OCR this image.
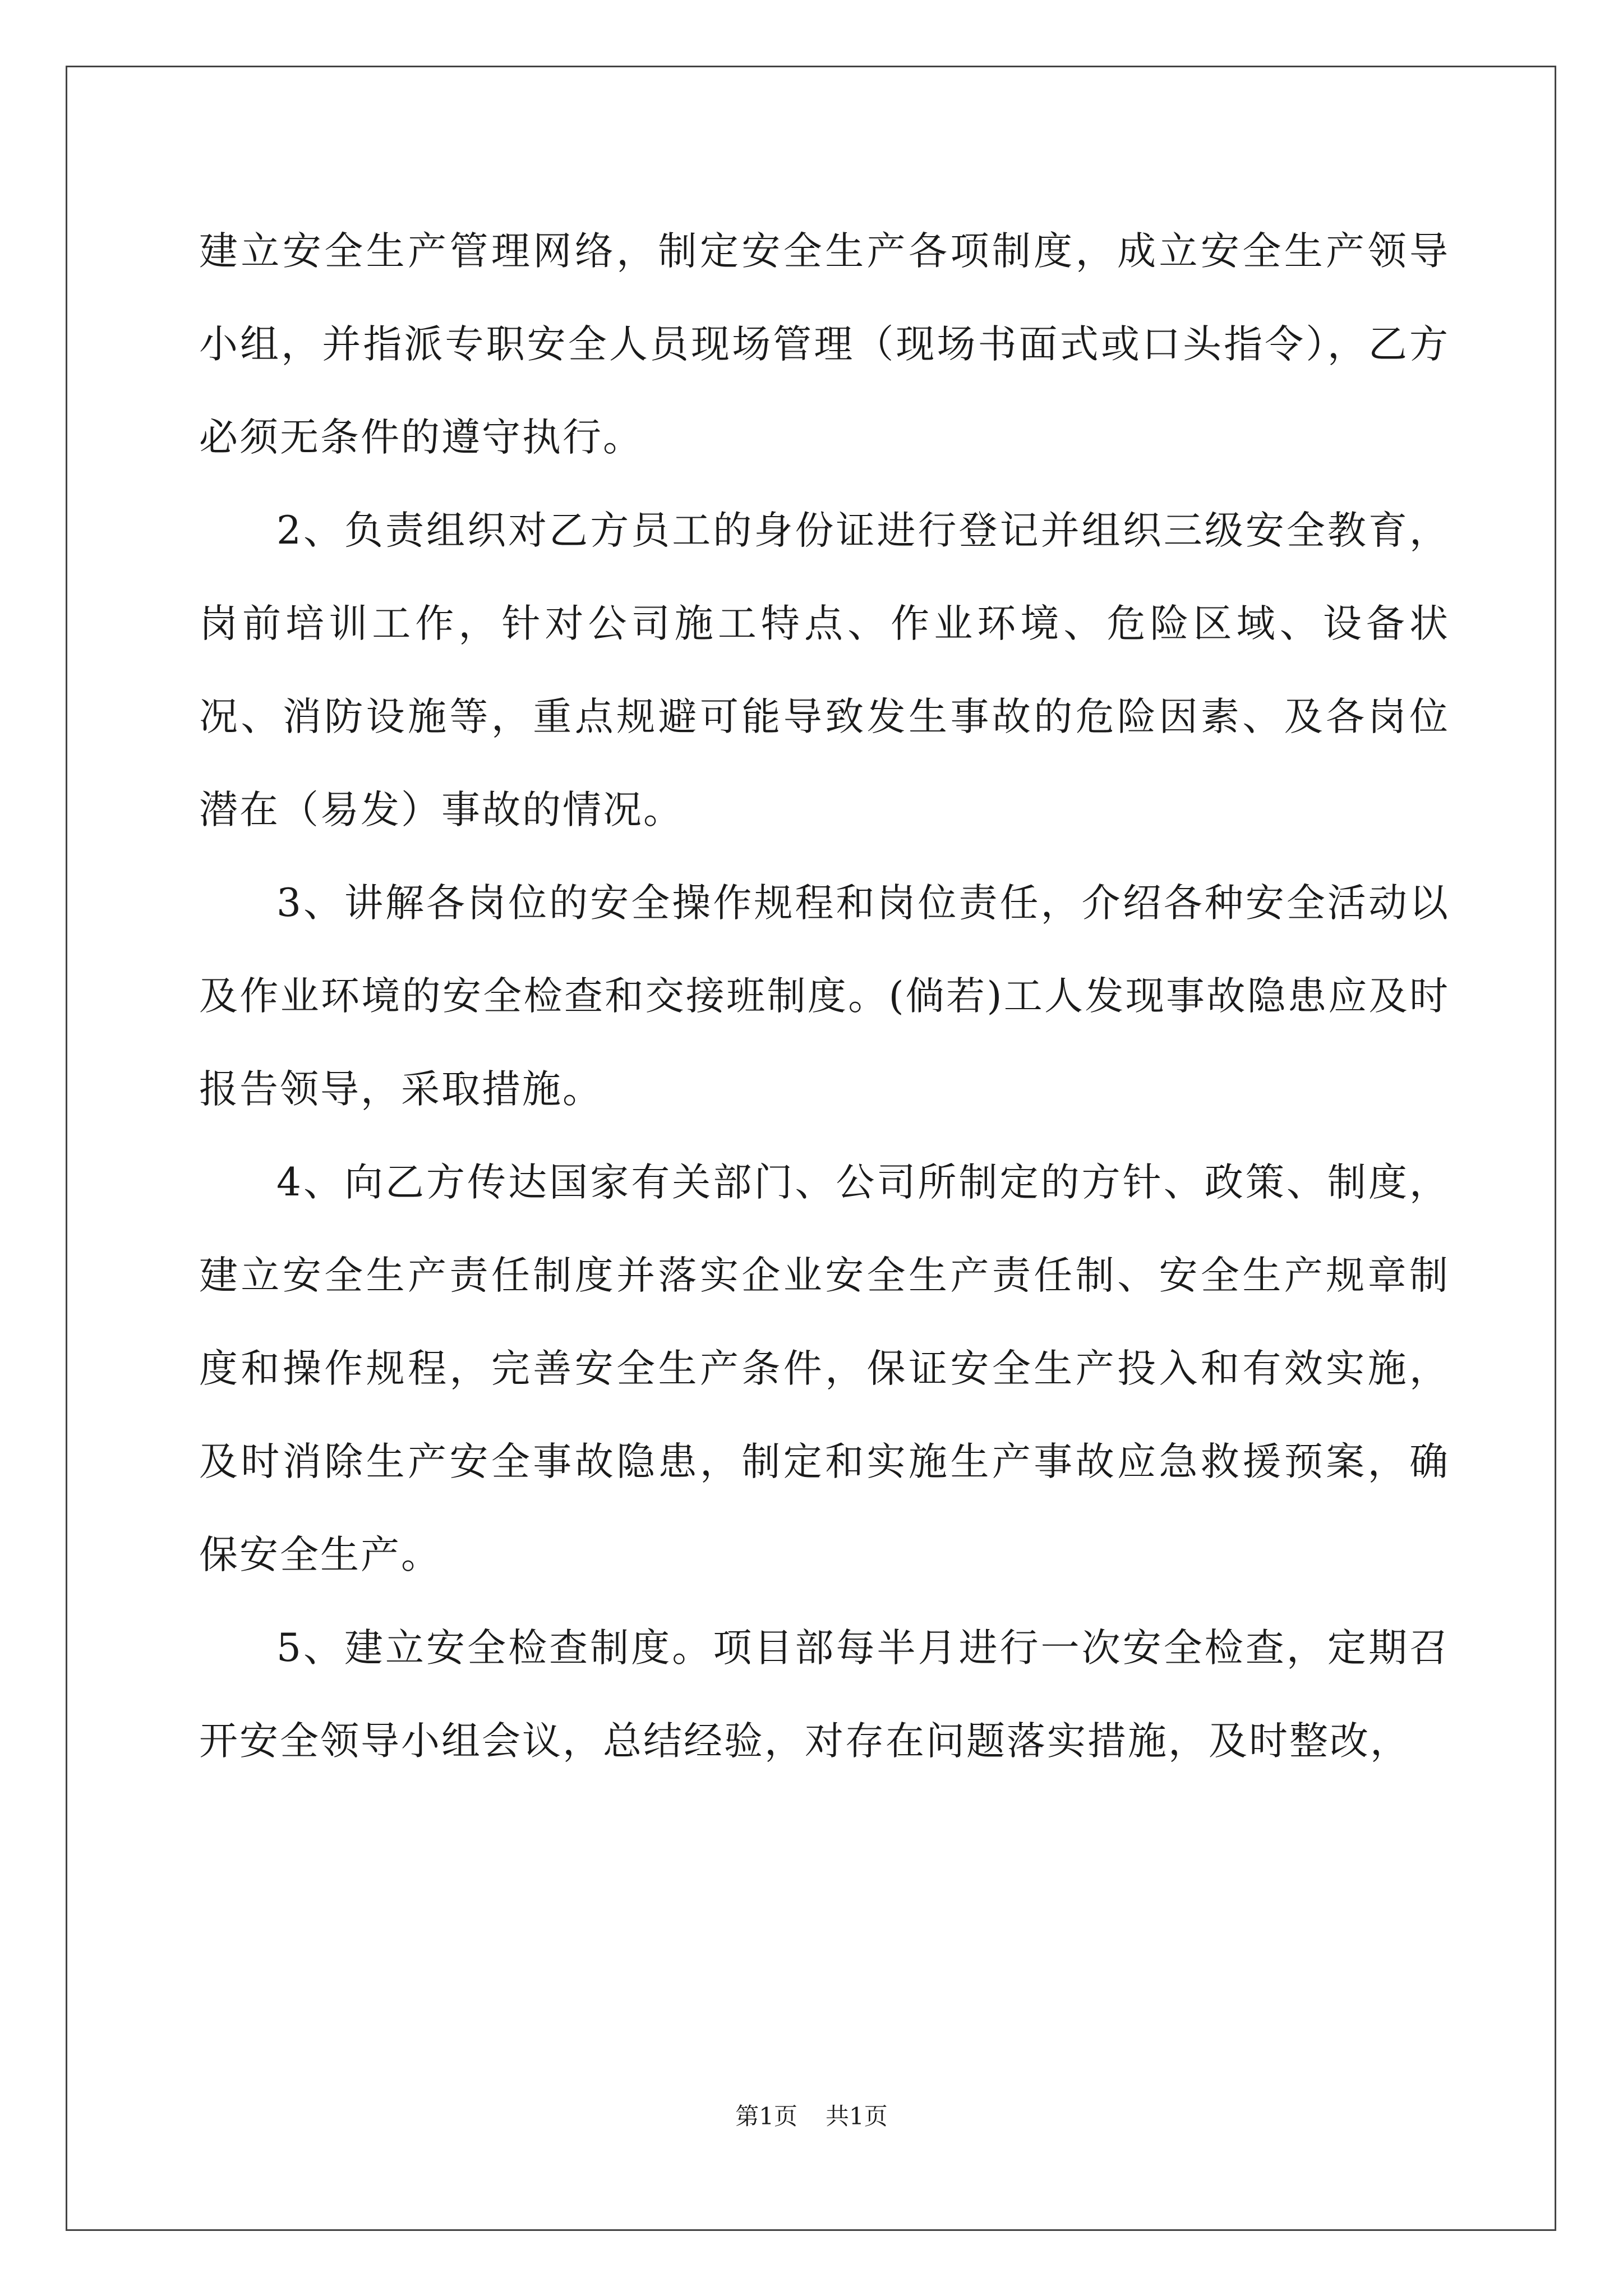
建立安全生产管理网络，制定安全生产各项制度，成立安全生产领导小组，并指派专职安全人员现场管理（现场书面式或口头指令），乙方必须无条件的遵守执行。

2、负责组织对乙方员工的身份证进行登记并组织三级安全教育，岗前培训工作，针对公司施工特点、作业环境、危险区域、设备状况、消防设施等，重点规避可能导致发生事故的危险因素、及各岗位潜在（易发）事故的情况。

3、讲解各岗位的安全操作规程和岗位责任，介绍各种安全活动以及作业环境的安全检查和交接班制度。(倘若)工人发现事故隐患应及时报告领导，采取措施。

4、向乙方传达国家有关部门、公司所制定的方针、政策、制度，建立安全生产责任制度并落实企业安全生产责任制、安全生产规章制度和操作规程，完善安全生产条件，保证安全生产投入和有效实施，及时消除生产安全事故隐患，制定和实施生产事故应急救援预案，确保安全生产。

5、建立安全检查制度。项目部每半月进行一次安全检查，定期召开安全领导小组会议，总结经验，对存在问题落实措施，及时整改，

第1页 共1页
